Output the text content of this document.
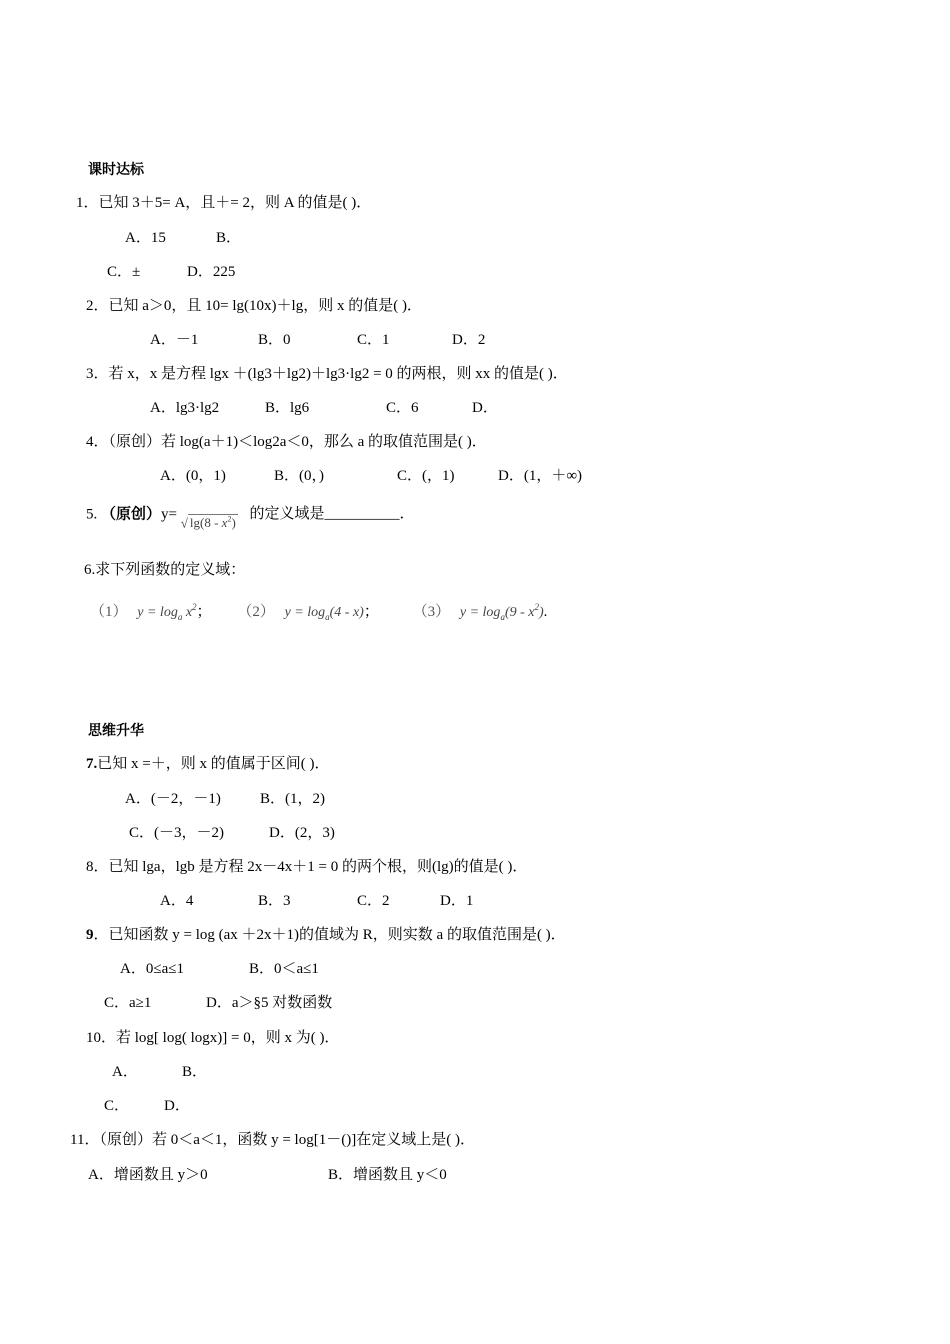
课时达标
1．已知 3＋5= A，且＋= 2，则 A 的值是( )．
A．15	B．
C．±	D．225
2．已知 a＞0，且 10= lg(10x)＋lg，则 x 的值是( )．
A．－1	B．0	C．1	D．2
3．若 x，x 是方程 lgx ＋(lg3＋lg2)＋lg3·lg2 = 0 的两根，则 xx 的值是( )．
A．lg3·lg2	B．lg6	C．6	D．
4．（原创）若 log(a＋1)＜log2a＜0，那么 a 的取值范围是( )．
A．(0，1)	B．(0，)	C．(，1)	D．(1，＋∞)
5. （原创）y= √ $\lg(8 - x^2)$ 的定义域是__________．
6.求下列函数的定义域：
（1） $y = \log_a x^2$； （2） $y = \log_a(4 - x)$； （3） $y = \log_a(9 - x^2)$.
思维升华
7.已知 x =＋，则 x 的值属于区间( )．
A．(－2，－1)	B．(1，2)
C．(－3，－2)	D．(2，3)
8．已知 lga，lgb 是方程 2x－4x＋1 = 0 的两个根，则(lg)的值是( )．
A．4	B．3	C．2	D．1
9．已知函数 y = log (ax ＋2x＋1)的值域为 R，则实数 a 的取值范围是( )．
A．0≤a≤1	B．0＜a≤1
C．a≥1	D．a＞§5 对数函数
10．若 log[ log( logx)] = 0，则 x 为( )．
A．	B．
C． D．
11．（原创）若 0＜a＜1，函数 y = log[1－()]在定义域上是( )．
A．增函数且 y＞0	B．增函数且 y＜0
